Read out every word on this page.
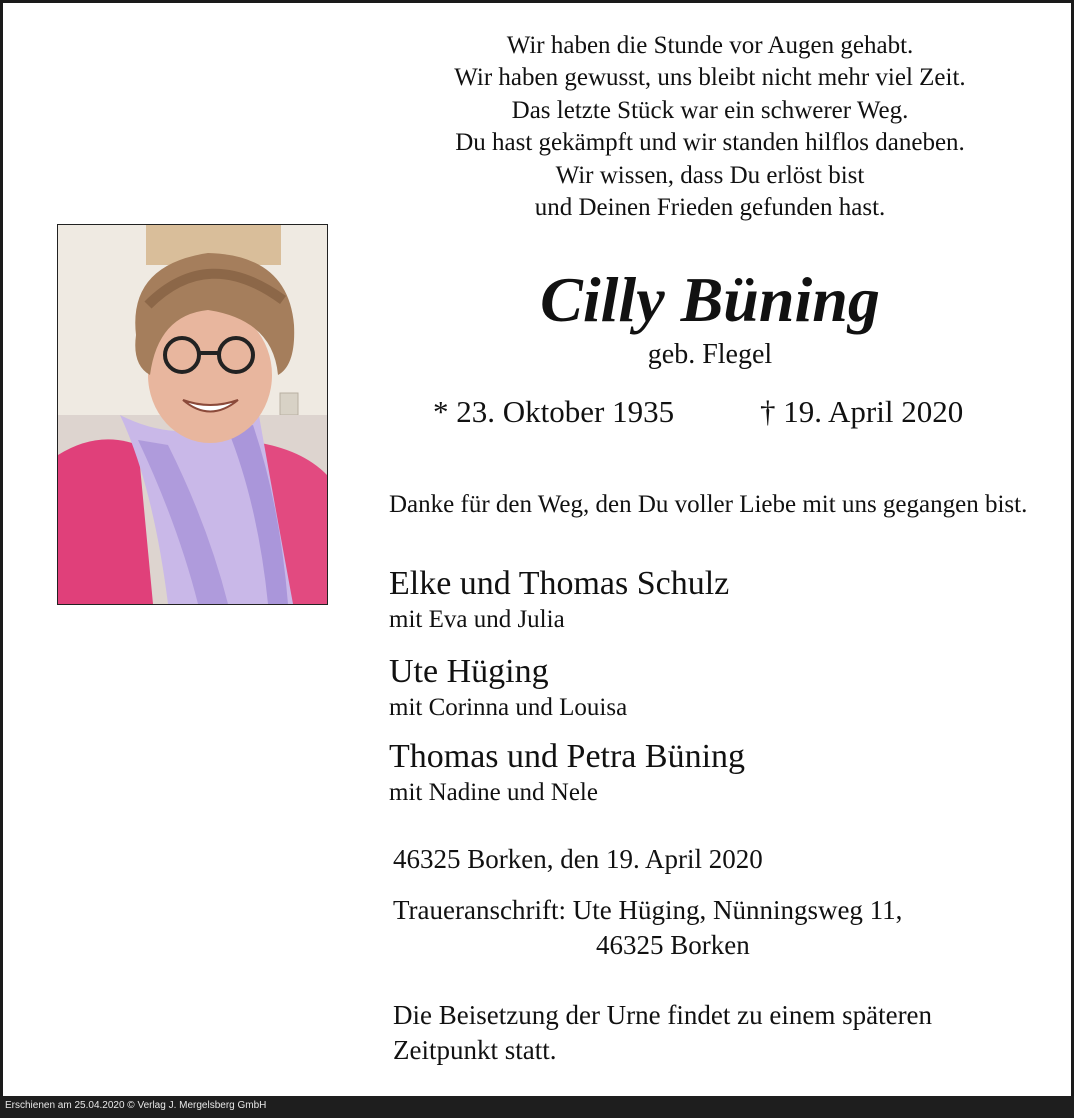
Wir haben die Stunde vor Augen gehabt.
Wir haben gewusst, uns bleibt nicht mehr viel Zeit.
Das letzte Stück war ein schwerer Weg.
Du hast gekämpft und wir standen hilflos daneben.
Wir wissen, dass Du erlöst bist
und Deinen Frieden gefunden hast.
Cilly Büning
geb. Flegel
* 23. Oktober 1935	† 19. April 2020
Danke für den Weg, den Du voller Liebe mit uns gegangen bist.
Elke und Thomas Schulz
mit Eva und Julia
Ute Hüging
mit Corinna und Louisa
Thomas und Petra Büning
mit Nadine und Nele
46325 Borken, den 19. April 2020
Traueranschrift: Ute Hüging, Nünningsweg 11,
46325 Borken
Die Beisetzung der Urne findet zu einem späteren Zeitpunkt statt.
Erschienen am 25.04.2020 © Verlag J. Mergelsberg GmbH
